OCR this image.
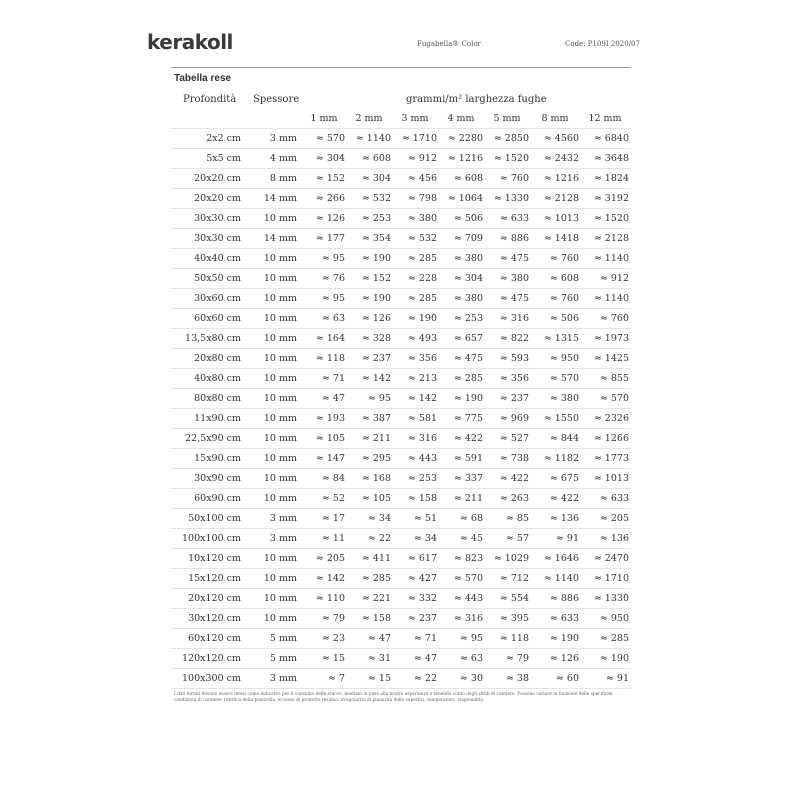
kerakoll	Fugabella® Color	Code: P109I 2020/07
Tabella rese
Profondità Spessore	grammi/m² larghezza fughe
		1 mm	2 mm	3 mm	4 mm	5 mm	8 mm	12 mm
2x2 cm	3 mm	≈ 570	≈ 1140	≈ 1710	≈ 2280	≈ 2850	≈ 4560	≈ 6840
5x5 cm	4 mm	≈ 304	≈ 608	≈ 912	≈ 1216	≈ 1520	≈ 2432	≈ 3648
20x20 cm	8 mm	≈ 152	≈ 304	≈ 456	≈ 608	≈ 760	≈ 1216	≈ 1824
20x20 cm	14 mm	≈ 266	≈ 532	≈ 798	≈ 1064	≈ 1330	≈ 2128	≈ 3192
30x30 cm	10 mm	≈ 126	≈ 253	≈ 380	≈ 506	≈ 633	≈ 1013	≈ 1520
30x30 cm	14 mm	≈ 177	≈ 354	≈ 532	≈ 709	≈ 886	≈ 1418	≈ 2128
40x40 cm	10 mm	≈ 95	≈ 190	≈ 285	≈ 380	≈ 475	≈ 760	≈ 1140
50x50 cm	10 mm	≈ 76	≈ 152	≈ 228	≈ 304	≈ 380	≈ 608	≈ 912
30x60 cm	10 mm	≈ 95	≈ 190	≈ 285	≈ 380	≈ 475	≈ 760	≈ 1140
60x60 cm	10 mm	≈ 63	≈ 126	≈ 190	≈ 253	≈ 316	≈ 506	≈ 760
13,5x80 cm	10 mm	≈ 164	≈ 328	≈ 493	≈ 657	≈ 822	≈ 1315	≈ 1973
20x80 cm	10 mm	≈ 118	≈ 237	≈ 356	≈ 475	≈ 593	≈ 950	≈ 1425
40x80 cm	10 mm	≈ 71	≈ 142	≈ 213	≈ 285	≈ 356	≈ 570	≈ 855
80x80 cm	10 mm	≈ 47	≈ 95	≈ 142	≈ 190	≈ 237	≈ 380	≈ 570
11x90 cm	10 mm	≈ 193	≈ 387	≈ 581	≈ 775	≈ 969	≈ 1550	≈ 2326
22,5x90 cm	10 mm	≈ 105	≈ 211	≈ 316	≈ 422	≈ 527	≈ 844	≈ 1266
15x90 cm	10 mm	≈ 147	≈ 295	≈ 443	≈ 591	≈ 738	≈ 1182	≈ 1773
30x90 cm	10 mm	≈ 84	≈ 168	≈ 253	≈ 337	≈ 422	≈ 675	≈ 1013
60x90 cm	10 mm	≈ 52	≈ 105	≈ 158	≈ 211	≈ 263	≈ 422	≈ 633
50x100 cm	3 mm	≈ 17	≈ 34	≈ 51	≈ 68	≈ 85	≈ 136	≈ 205
100x100 cm	3 mm	≈ 11	≈ 22	≈ 34	≈ 45	≈ 57	≈ 91	≈ 136
10x120 cm	10 mm	≈ 205	≈ 411	≈ 617	≈ 823	≈ 1029	≈ 1646	≈ 2470
15x120 cm	10 mm	≈ 142	≈ 285	≈ 427	≈ 570	≈ 712	≈ 1140	≈ 1710
20x120 cm	10 mm	≈ 110	≈ 221	≈ 332	≈ 443	≈ 554	≈ 886	≈ 1330
30x120 cm	10 mm	≈ 79	≈ 158	≈ 237	≈ 316	≈ 395	≈ 633	≈ 950
60x120 cm	5 mm	≈ 23	≈ 47	≈ 71	≈ 95	≈ 118	≈ 190	≈ 285
120x120 cm	5 mm	≈ 15	≈ 31	≈ 47	≈ 63	≈ 79	≈ 126	≈ 190
100x300 cm	3 mm	≈ 7	≈ 15	≈ 22	≈ 30	≈ 38	≈ 60	≈ 91
I dati forniti devono essere intesi come indicativi per il consumo delle stucco, mediato in base alla nostra esperienza e tenendo conto degli sfridi di cantiere. Possono variare in funzione delle specifiche condizioni di cantiere: rettifica della piastrella, eccesso di prodotto residuo, irregolarità di planarità delle superfici, temperature, stagionalità.
